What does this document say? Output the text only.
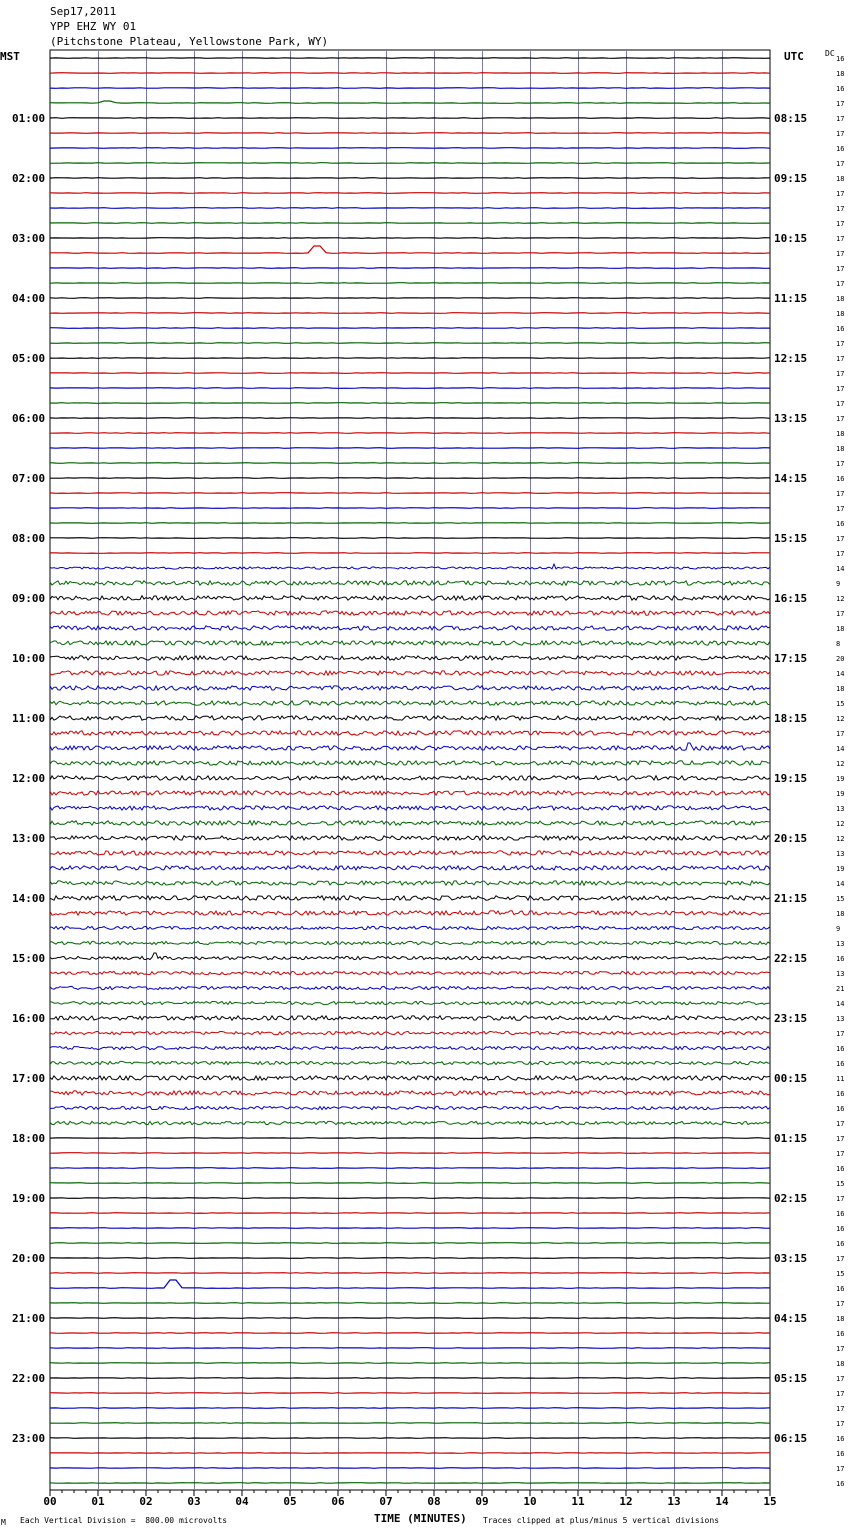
Sep17,2011
YPP EHZ WY 01
(Pitchstone Plateau, Yellowstone Park, WY)
MST	UTC	DC
16
18
16
17
17
17
16
17
18
17
17
17
17
17
17
17
18
18
16
17
17
17
17
17
17
18
18
17
16
17
17
16
17
17
14
9
12
17
18
8
20
14
18
15
12
17
14
12
19
19
13
12
12
13
19
14
15
18
9
13
16
13
21
14
13
17
16
16
11
16
16
17
17
17
16
15
17
16
16
16
17
15
16
17
18
16
17
18
17
17
17
17
16
16
17
16
01:00
02:00
03:00
04:00
05:00
06:00
07:00
08:00
09:00
10:00
11:00
12:00
13:00
14:00
15:00
16:00
17:00
18:00
19:00
20:00
21:00
22:00
23:00
08:15
09:15
10:15
11:15
12:15
13:15
14:15
15:15
16:15
17:15
18:15
19:15
20:15
21:15
22:15
23:15
00:15
01:15
02:15
03:15
04:15
05:15
06:15
00	01	02	03	04	05	06	07	08	09	10	11	12	13	14	15
M Each Vertical Division =  800.00 microvolts	TIME (MINUTES) Traces clipped at plus/minus 5 vertical divisions
